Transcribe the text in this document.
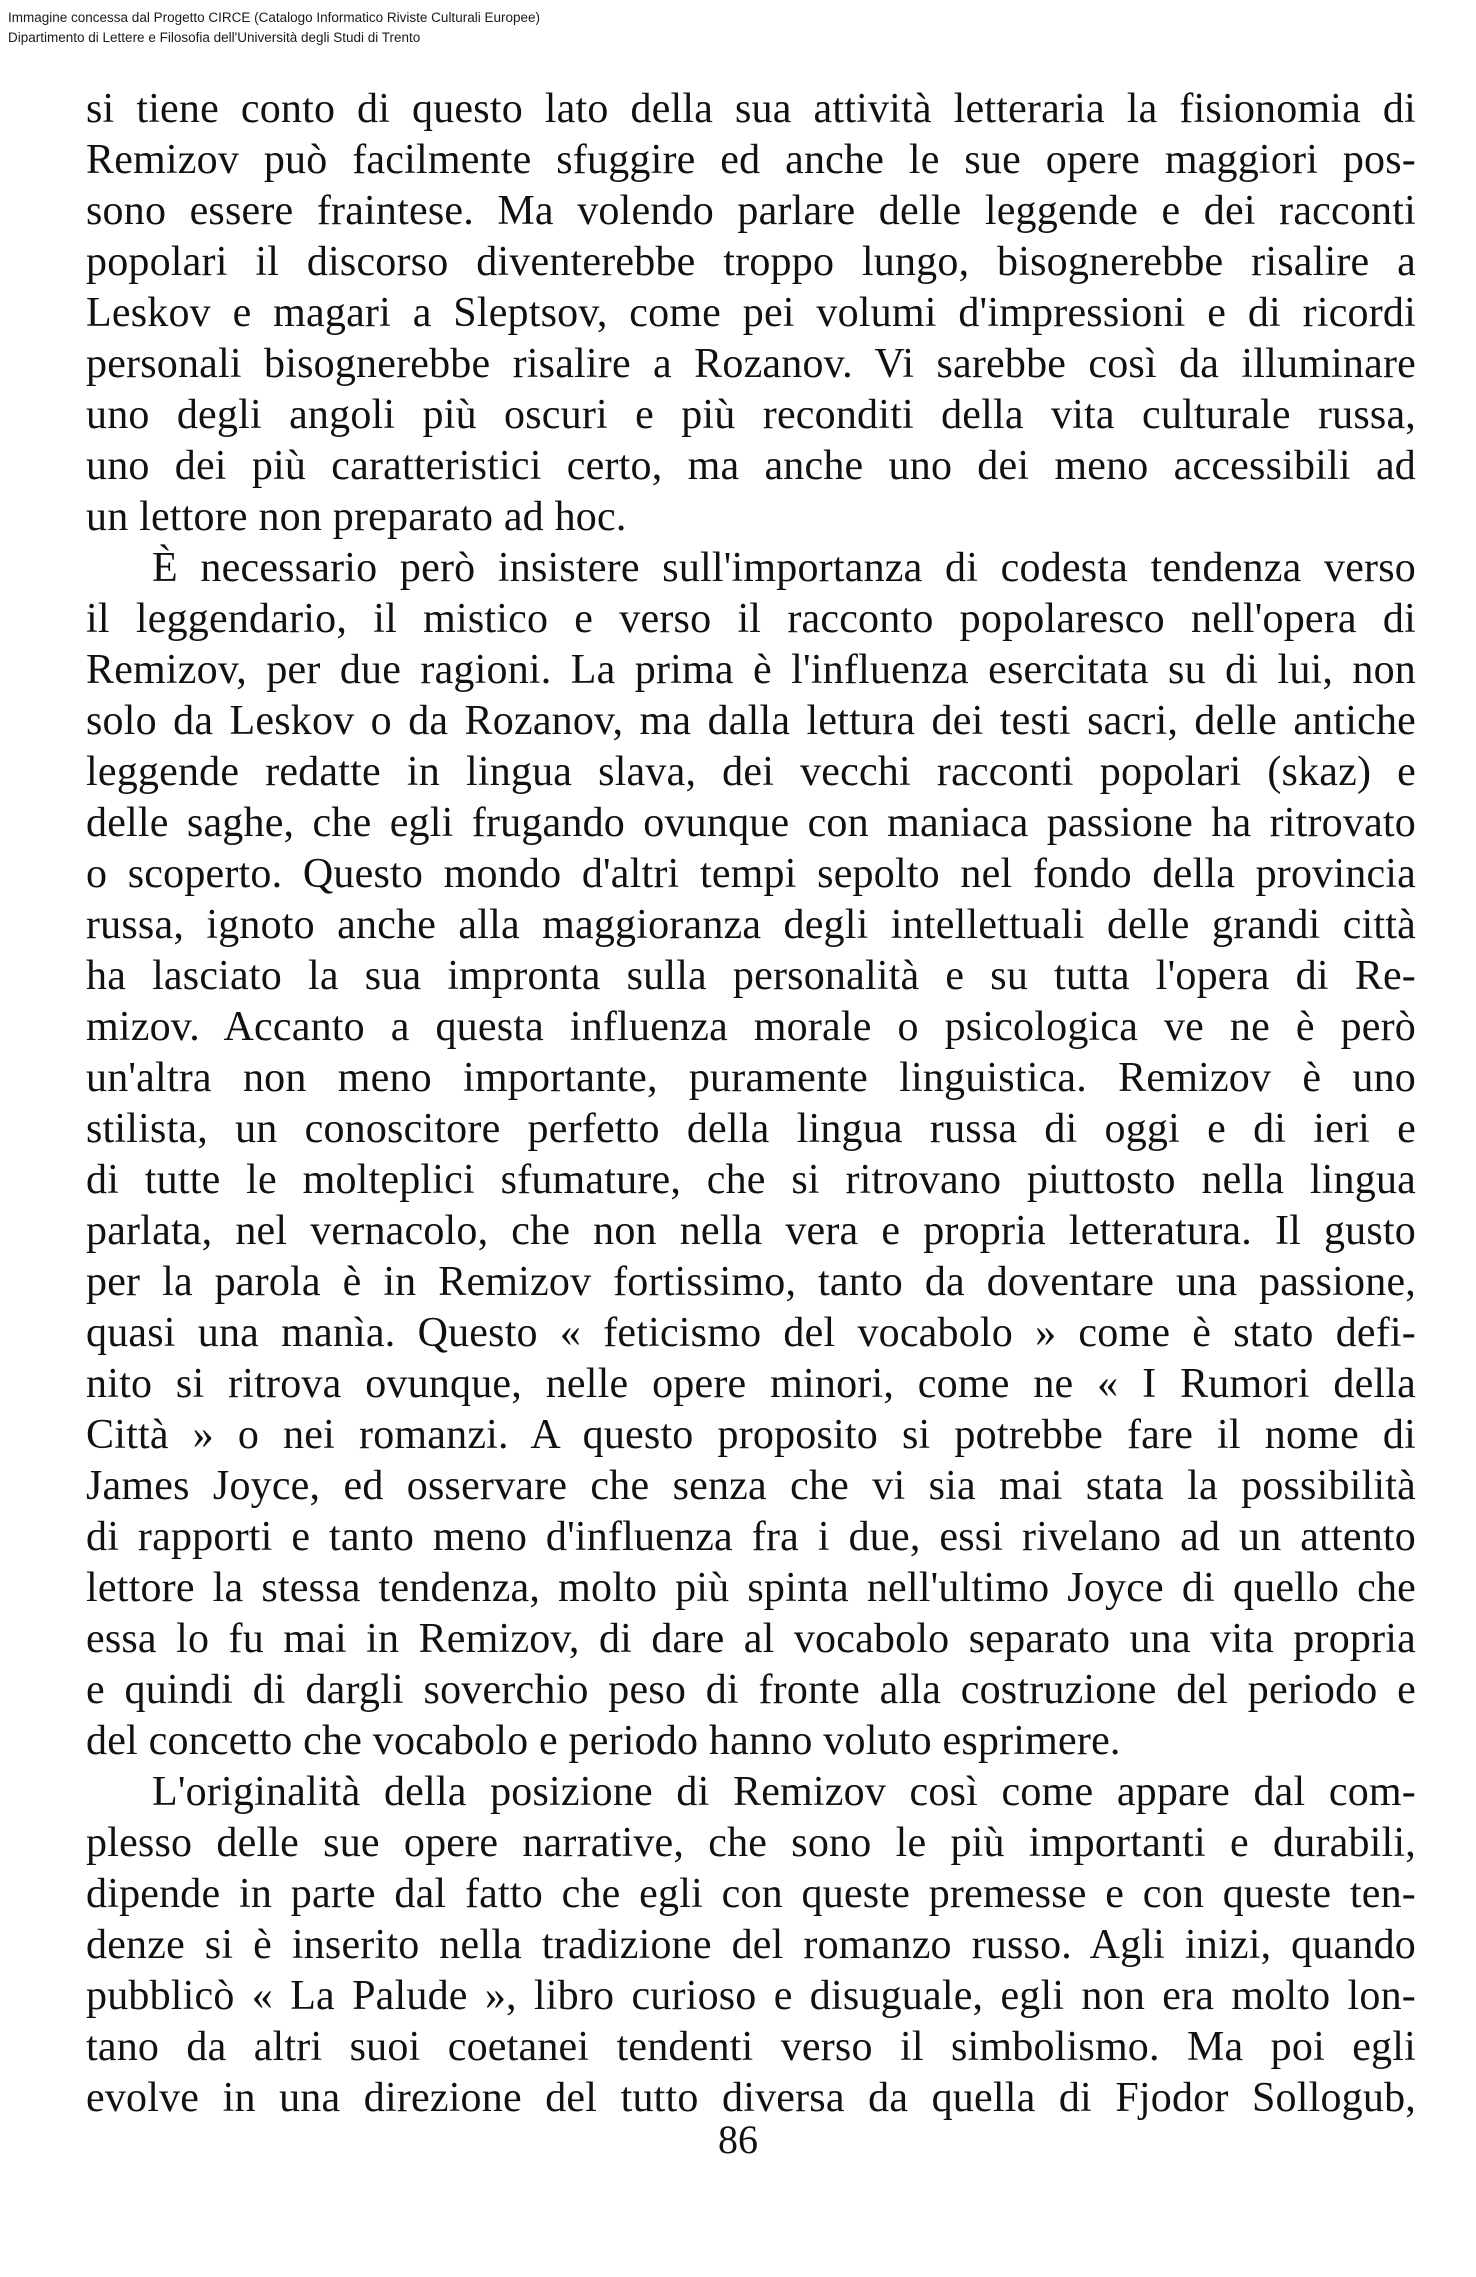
Immagine concessa dal Progetto CIRCE (Catalogo Informatico Riviste Culturali Europee)
Dipartimento di Lettere e Filosofia dell'Università degli Studi di Trento
si tiene conto di questo lato della sua attività letteraria la fisionomia di
Remizov può facilmente sfuggire ed anche le sue opere maggiori pos-
sono essere fraintese. Ma volendo parlare delle leggende e dei racconti
popolari il discorso diventerebbe troppo lungo, bisognerebbe risalire a
Leskov e magari a Sleptsov, come pei volumi d'impressioni e di ricordi
personali bisognerebbe risalire a Rozanov. Vi sarebbe così da illuminare
uno degli angoli più oscuri e più reconditi della vita culturale russa,
uno dei più caratteristici certo, ma anche uno dei meno accessibili ad
un lettore non preparato ad hoc.
È necessario però insistere sull'importanza di codesta tendenza verso
il leggendario, il mistico e verso il racconto popolaresco nell'opera di
Remizov, per due ragioni. La prima è l'influenza esercitata su di lui, non
solo da Leskov o da Rozanov, ma dalla lettura dei testi sacri, delle antiche
leggende redatte in lingua slava, dei vecchi racconti popolari (skaz) e
delle saghe, che egli frugando ovunque con maniaca passione ha ritrovato
o scoperto. Questo mondo d'altri tempi sepolto nel fondo della provincia
russa, ignoto anche alla maggioranza degli intellettuali delle grandi città
ha lasciato la sua impronta sulla personalità e su tutta l'opera di Re-
mizov. Accanto a questa influenza morale o psicologica ve ne è però
un'altra non meno importante, puramente linguistica. Remizov è uno
stilista, un conoscitore perfetto della lingua russa di oggi e di ieri e
di tutte le molteplici sfumature, che si ritrovano piuttosto nella lingua
parlata, nel vernacolo, che non nella vera e propria letteratura. Il gusto
per la parola è in Remizov fortissimo, tanto da doventare una passione,
quasi una manìa. Questo « feticismo del vocabolo » come è stato defi-
nito si ritrova ovunque, nelle opere minori, come ne « I Rumori della
Città » o nei romanzi. A questo proposito si potrebbe fare il nome di
James Joyce, ed osservare che senza che vi sia mai stata la possibilità
di rapporti e tanto meno d'influenza fra i due, essi rivelano ad un attento
lettore la stessa tendenza, molto più spinta nell'ultimo Joyce di quello che
essa lo fu mai in Remizov, di dare al vocabolo separato una vita propria
e quindi di dargli soverchio peso di fronte alla costruzione del periodo e
del concetto che vocabolo e periodo hanno voluto esprimere.
L'originalità della posizione di Remizov così come appare dal com-
plesso delle sue opere narrative, che sono le più importanti e durabili,
dipende in parte dal fatto che egli con queste premesse e con queste ten-
denze si è inserito nella tradizione del romanzo russo. Agli inizi, quando
pubblicò « La Palude », libro curioso e disuguale, egli non era molto lon-
tano da altri suoi coetanei tendenti verso il simbolismo. Ma poi egli
evolve in una direzione del tutto diversa da quella di Fjodor Sollogub,
86
